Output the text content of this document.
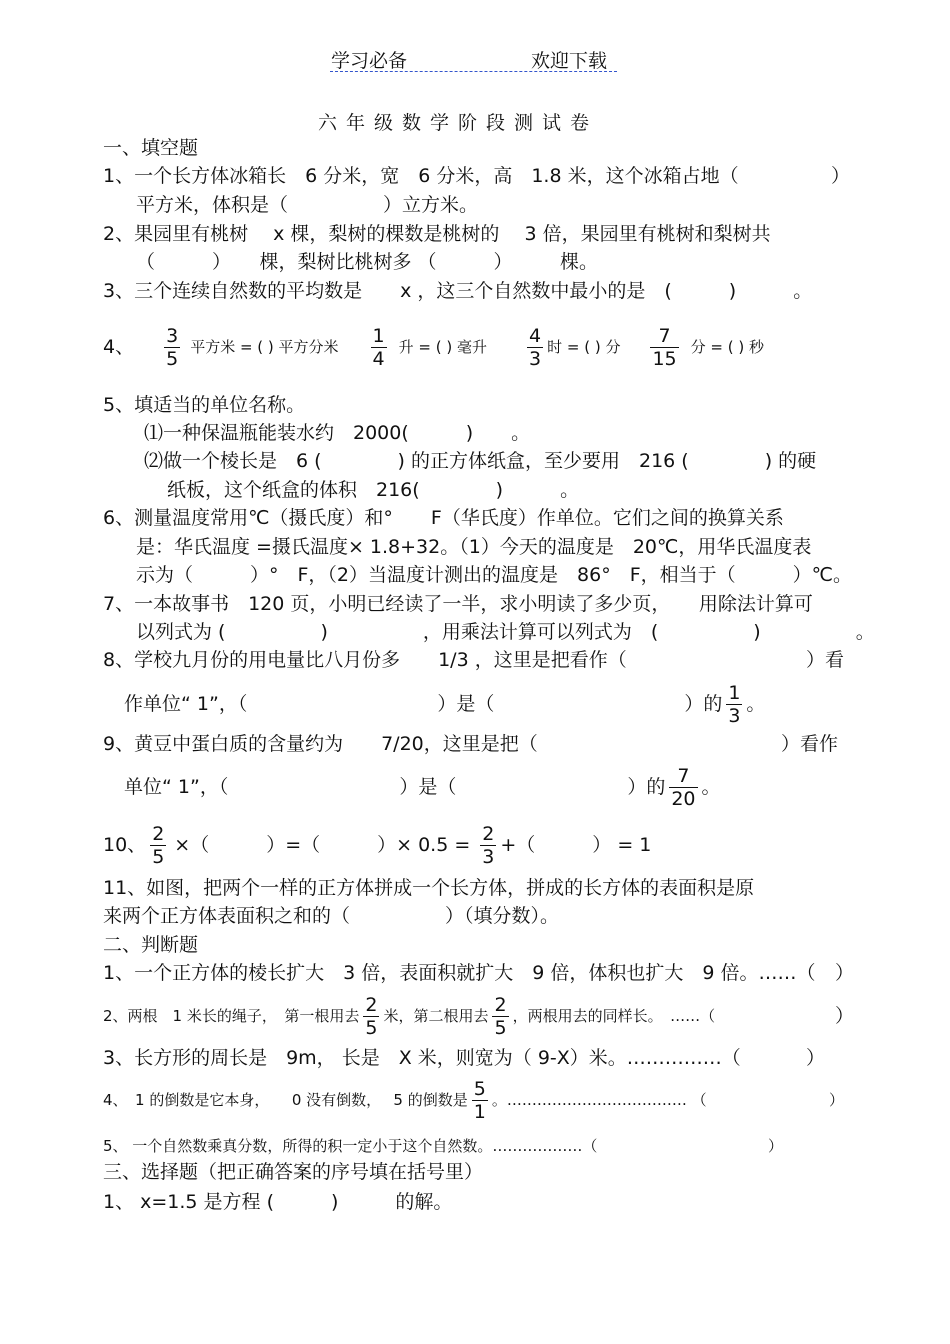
学习必备	欢迎下载
六年级数学阶段测试卷
一、填空题
1、一个长方体冰箱长　6 分米，宽　6 分米，高　1.8 米，这个冰箱占地（	）
平方米，体积是（　　　　　）立方米。
2、果园里有桃树　 x 棵，梨树的棵数是桃树的　 3 倍，果园里有桃树和梨树共
（　　　）　　棵，梨树比桃树多 （　　　）　　　棵。
3、三个连续自然数的平均数是　　x ，这三个自然数中最小的是　(　　　)　　　。
4、 $\frac{3}{5}$ 平方米 = ( ) 平方分米 $\frac{1}{4}$ 升 = ( ) 毫升 $\frac{4}{3}$ 时 = ( ) 分 $\frac{7}{15}$ 分 = ( ) 秒
5、填适当的单位名称。
⑴一种保温瓶能装水约　2000(　　　)　　。
⑵做一个棱长是　6 (　　　　) 的正方体纸盒，至少要用　216 (　　　　) 的硬
纸板，这个纸盒的体积　216(　　　　)　　　。
6、测量温度常用℃（摄氏度）和°　　F（华氏度）作单位。它们之间的换算关系
是：华氏温度 =摄氏温度× 1.8+32。（1）今天的温度是　20℃，用华氏温度表
示为（　　　）°　F，（2）当温度计测出的温度是　86°　F，相当于（　　　）℃。
7、一本故事书　120 页，小明已经读了一半，求小明读了多少页，　　用除法计算可
以列式为 (　　　　　)　　　　　，用乘法计算可以列式为　(　　　　　)　　　　　。
8、学校九月份的用电量比八月份多　　1/3 ，这里是把看作（	）看
作单位“ 1”，（　　　　　　　　　　）是（　　　　　　　　　　）的 $\frac{1}{3}$ 。
9、黄豆中蛋白质的含量约为　　7/20，这里是把（	）看作
单位“ 1”，（　　　　　　　　　）是（　　　　　　　　　）的 $\frac{7}{20}$ 。
10、 $\frac{2}{5}$ ×（　　　）=（　　　）× $0.5 = \frac{2}{3}$ +（　　　） = 1
11、如图，把两个一样的正方体拼成一个长方体，拼成的长方体的表面积是原
来两个正方体表面积之和的（　　　　　）（填分数）。
二、判断题
1、一个正方体的棱长扩大　3 倍，表面积就扩大　9 倍，体积也扩大　9 倍。……（ ）
2、两根　1 米长的绳子，　第一根用去 $\frac{2}{5}$ 米，第二根用去 $\frac{2}{5}$ ，两根用去的同样长。　……（	）
3、长方形的周长是　9m， 长是　X 米，则宽为（ 9-X）米。……………（	）
4、　1 的倒数是它本身，　　0 没有倒数，　 5 的倒数是 $\frac{5}{1}$ 。……………………………… （	）
5、 一个自然数乘真分数，所得的积一定小于这个自然数。………………（	）
三、选择题（把正确答案的序号填在括号里）
1、 x=1.5 是方程 (　　　)　　　的解。
